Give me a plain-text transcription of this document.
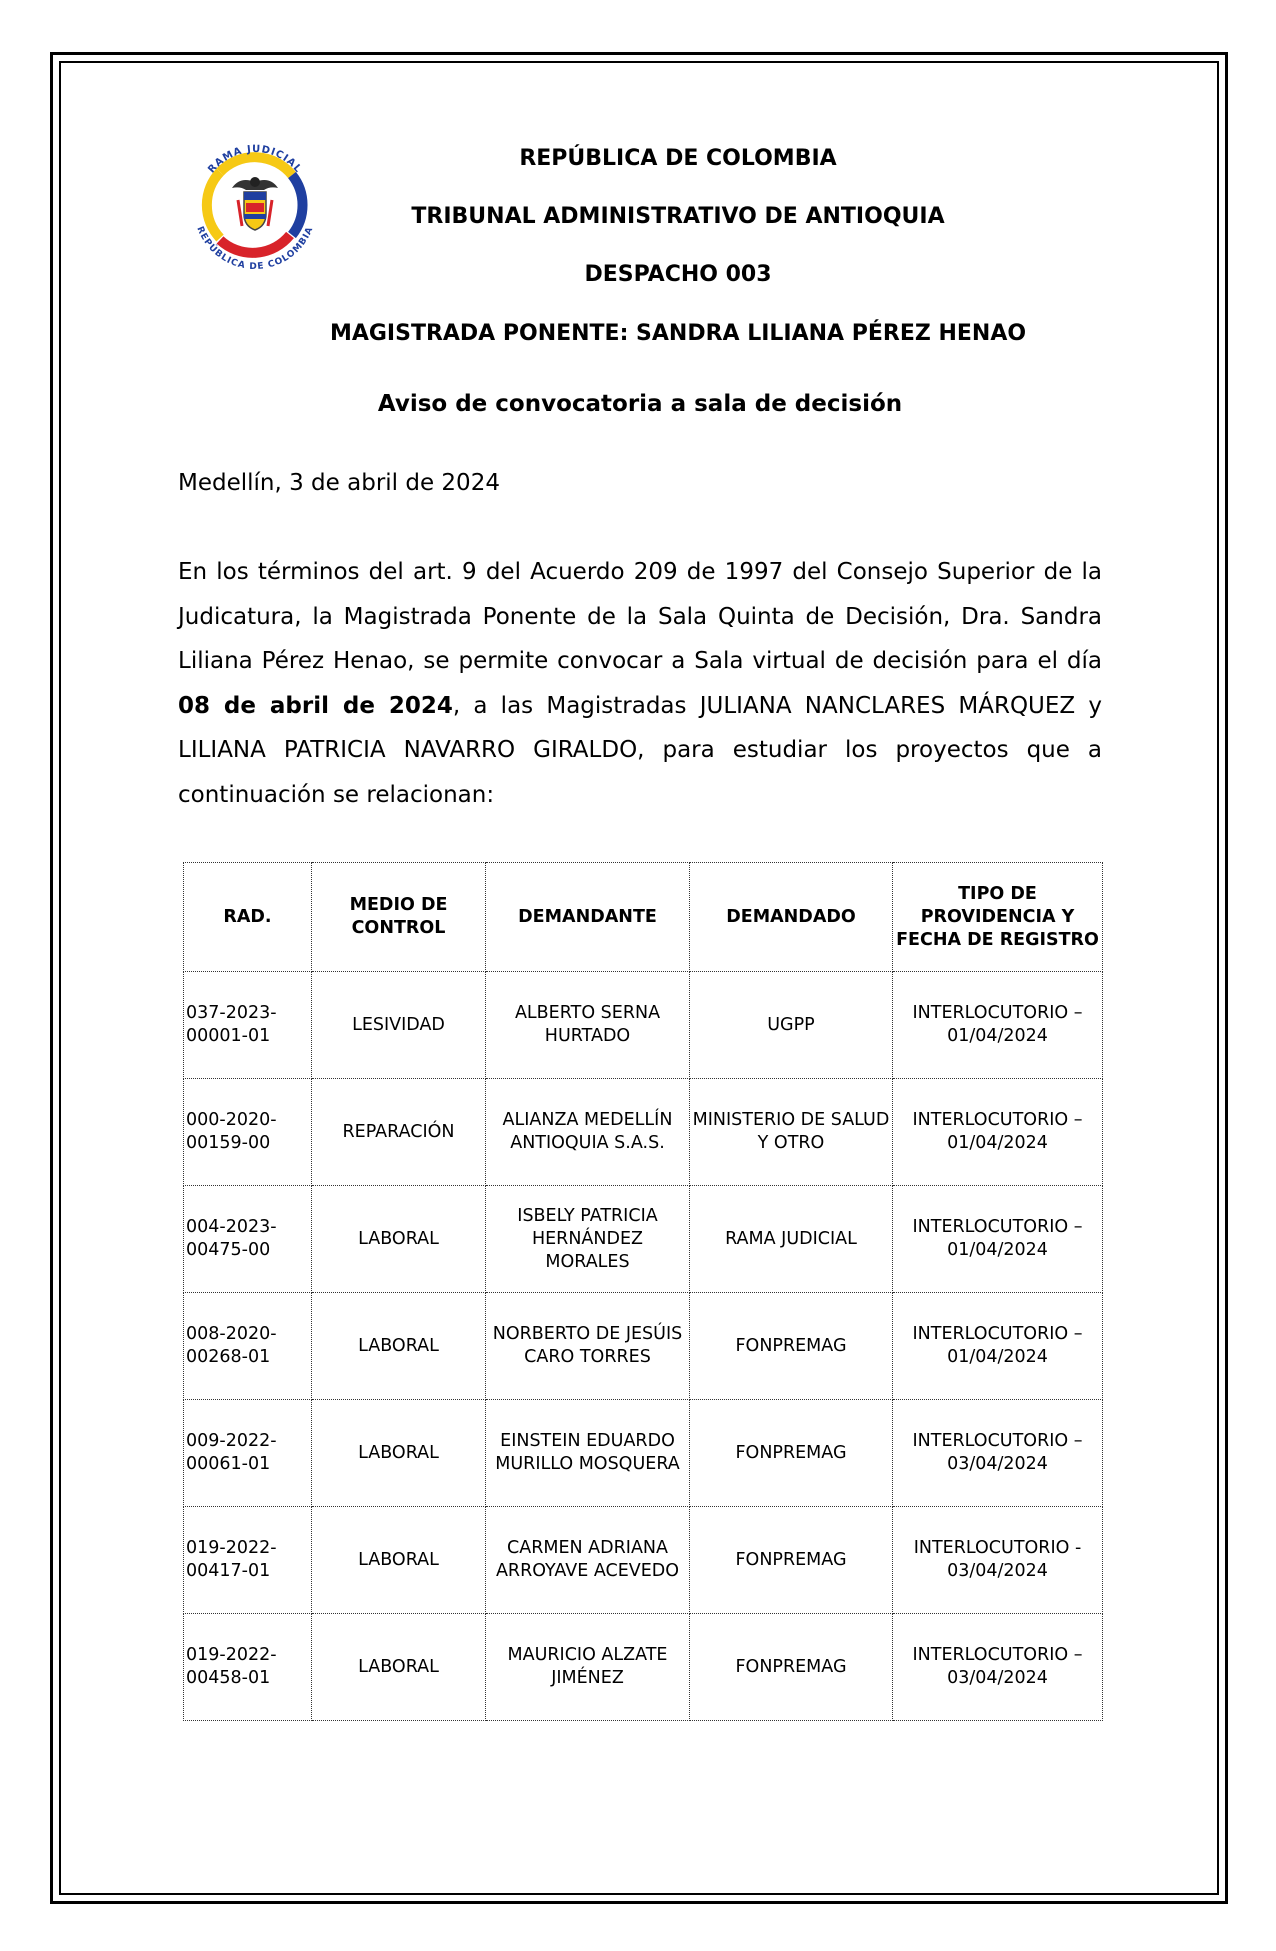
RAMA JUDICIAL
REPÚBLICA DE COLOMBIA
REPÚBLICA DE COLOMBIA
TRIBUNAL ADMINISTRATIVO DE ANTIOQUIA
DESPACHO 003
MAGISTRADA PONENTE: SANDRA LILIANA PÉREZ HENAO
Aviso de convocatoria a sala de decisión
Medellín, 3 de abril de 2024

En los términos del art. 9 del Acuerdo 209 de 1997 del Consejo Superior de la Judicatura, la Magistrada Ponente de la Sala Quinta de Decisión, Dra. Sandra Liliana Pérez Henao, se permite convocar a Sala virtual de decisión para el día 08 de abril de 2024, a las Magistradas JULIANA NANCLARES MÁRQUEZ y LILIANA PATRICIA NAVARRO GIRALDO, para estudiar los proyectos que a continuación se relacionan:

RAD.	MEDIO DE CONTROL	DEMANDANTE	DEMANDADO	TIPO DE PROVIDENCIA Y FECHA DE REGISTRO
037-2023-00001-01	LESIVIDAD	ALBERTO SERNA HURTADO	UGPP	INTERLOCUTORIO – 01/04/2024
000-2020-00159-00	REPARACIÓN	ALIANZA MEDELLÍN ANTIOQUIA S.A.S.	MINISTERIO DE SALUD Y OTRO	INTERLOCUTORIO – 01/04/2024
004-2023-00475-00	LABORAL	ISBELY PATRICIA HERNÁNDEZ MORALES	RAMA JUDICIAL	INTERLOCUTORIO – 01/04/2024
008-2020-00268-01	LABORAL	NORBERTO DE JESÚIS CARO TORRES	FONPREMAG	INTERLOCUTORIO – 01/04/2024
009-2022-00061-01	LABORAL	EINSTEIN EDUARDO MURILLO MOSQUERA	FONPREMAG	INTERLOCUTORIO – 03/04/2024
019-2022-00417-01	LABORAL	CARMEN ADRIANA ARROYAVE ACEVEDO	FONPREMAG	INTERLOCUTORIO - 03/04/2024
019-2022-00458-01	LABORAL	MAURICIO ALZATE JIMÉNEZ	FONPREMAG	INTERLOCUTORIO – 03/04/2024
